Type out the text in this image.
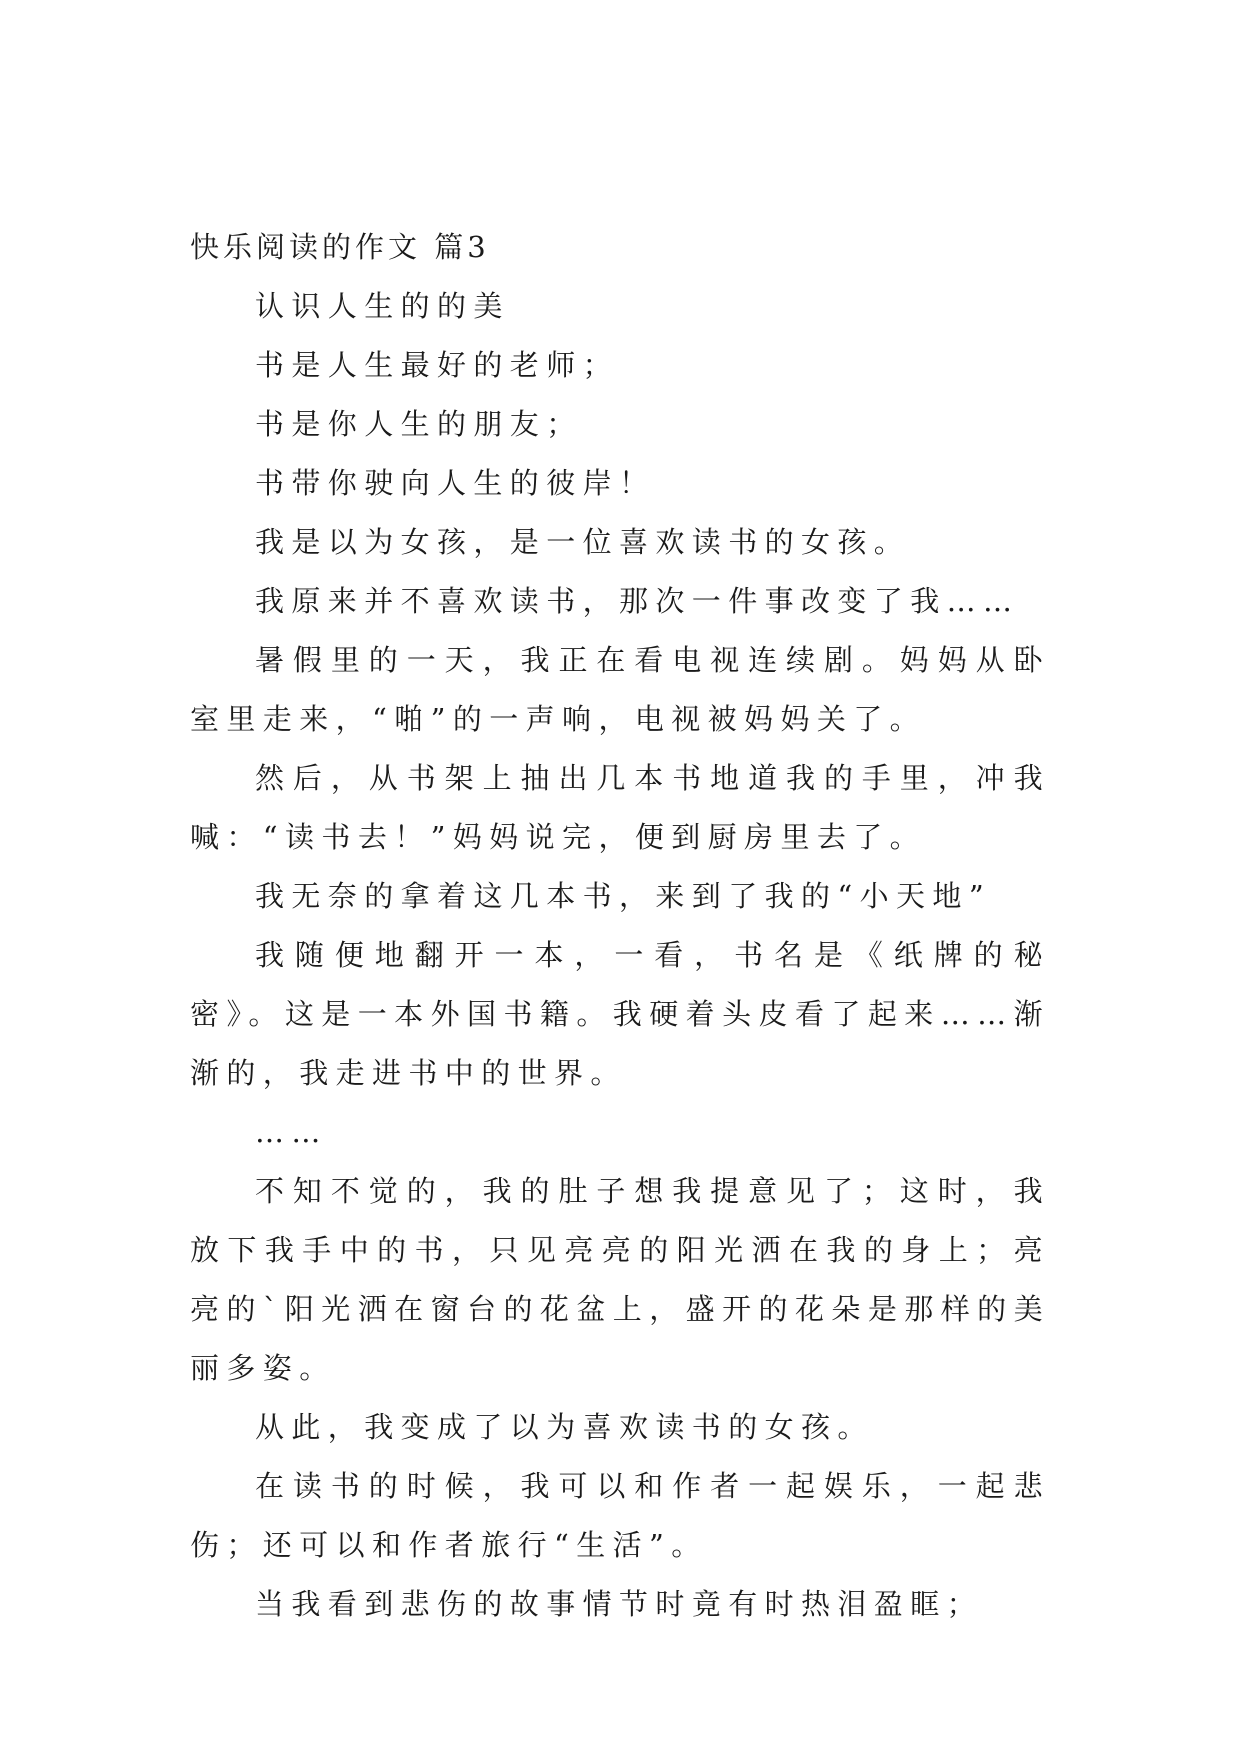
快乐阅读的作文 篇3

认识人生的的美

书是人生最好的老师；

书是你人生的朋友；

书带你驶向人生的彼岸！

我是以为女孩，是一位喜欢读书的女孩。

我原来并不喜欢读书，那次一件事改变了我……

暑假里的一天，我正在看电视连续剧。妈妈从卧室里走来，“啪”的一声响，电视被妈妈关了。

然后，从书架上抽出几本书地道我的手里，冲我喊：“读书去！”妈妈说完，便到厨房里去了。

我无奈的拿着这几本书，来到了我的“小天地”

我随便地翻开一本，一看，书名是《纸牌的秘密》。这是一本外国书籍。我硬着头皮看了起来……渐渐的，我走进书中的世界。

……

不知不觉的，我的肚子想我提意见了；这时，我放下我手中的书，只见亮亮的阳光洒在我的身上；亮亮的`阳光洒在窗台的花盆上，盛开的花朵是那样的美丽多姿。

从此，我变成了以为喜欢读书的女孩。

在读书的时候，我可以和作者一起娱乐，一起悲伤；还可以和作者旅行“生活”。

当我看到悲伤的故事情节时竟有时热泪盈眶；
